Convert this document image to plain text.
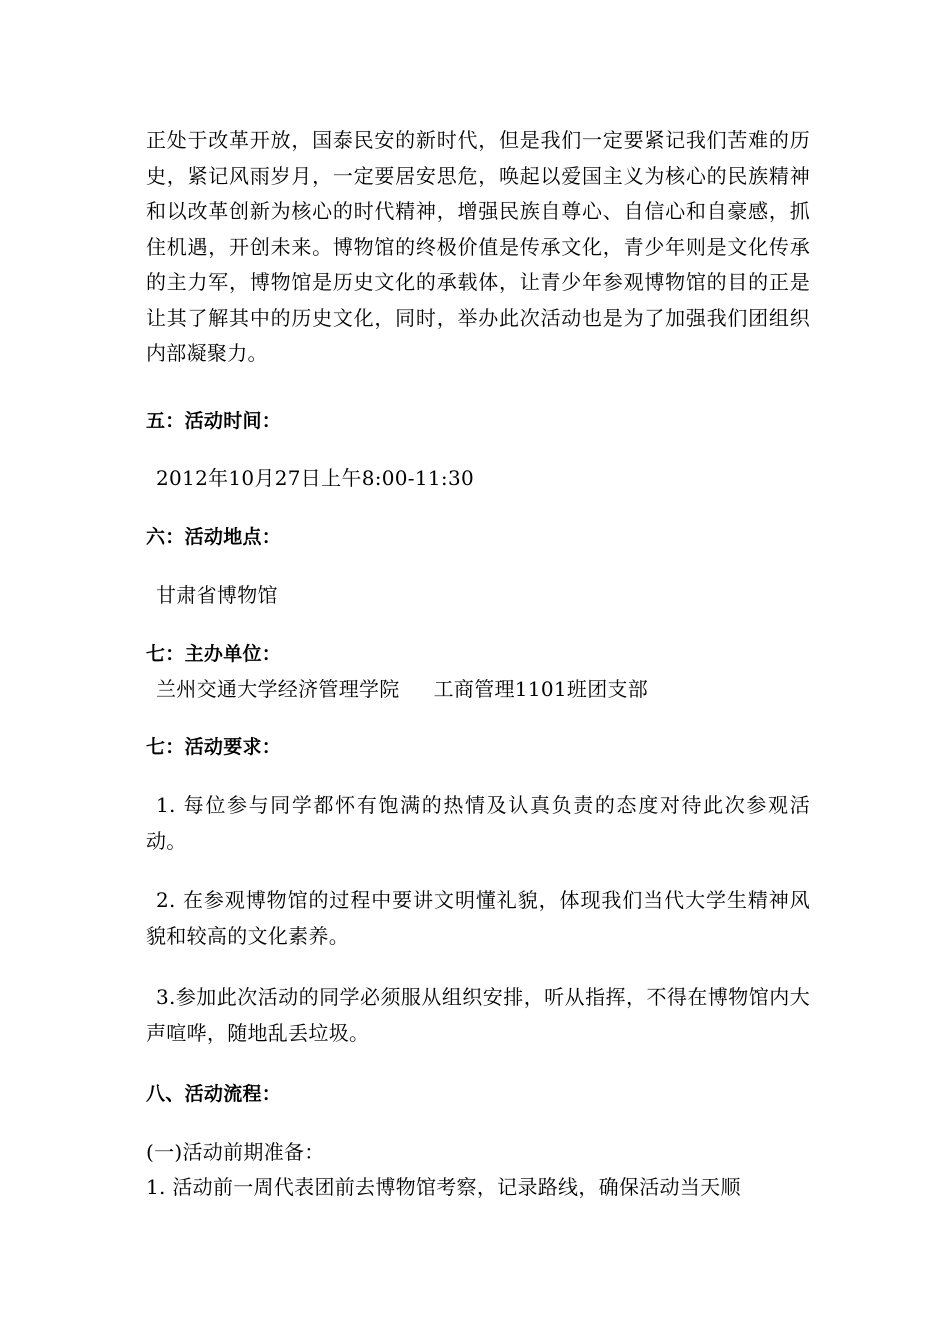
正处于改革开放，国泰民安的新时代，但是我们一定要紧记我们苦难的历史，紧记风雨岁月，一定要居安思危，唤起以爱国主义为核心的民族精神和以改革创新为核心的时代精神，增强民族自尊心、自信心和自豪感，抓住机遇，开创未来。博物馆的终极价值是传承文化，青少年则是文化传承的主力军，博物馆是历史文化的承载体，让青少年参观博物馆的目的正是让其了解其中的历史文化，同时，举办此次活动也是为了加强我们团组织内部凝聚力。

五：活动时间：
2012年10月27日上午8:00-11:30
六：活动地点：
甘肃省博物馆
七：主办单位：
兰州交通大学经济管理学院 工商管理1101班团支部
七：活动要求：

1. 每位参与同学都怀有饱满的热情及认真负责的态度对待此次参观活动。

2. 在参观博物馆的过程中要讲文明懂礼貌，体现我们当代大学生精神风貌和较高的文化素养。

3.参加此次活动的同学必须服从组织安排，听从指挥，不得在博物馆内大声喧哗，随地乱丢垃圾。

八、活动流程：
(一)活动前期准备：
1. 活动前一周代表团前去博物馆考察，记录路线，确保活动当天顺
